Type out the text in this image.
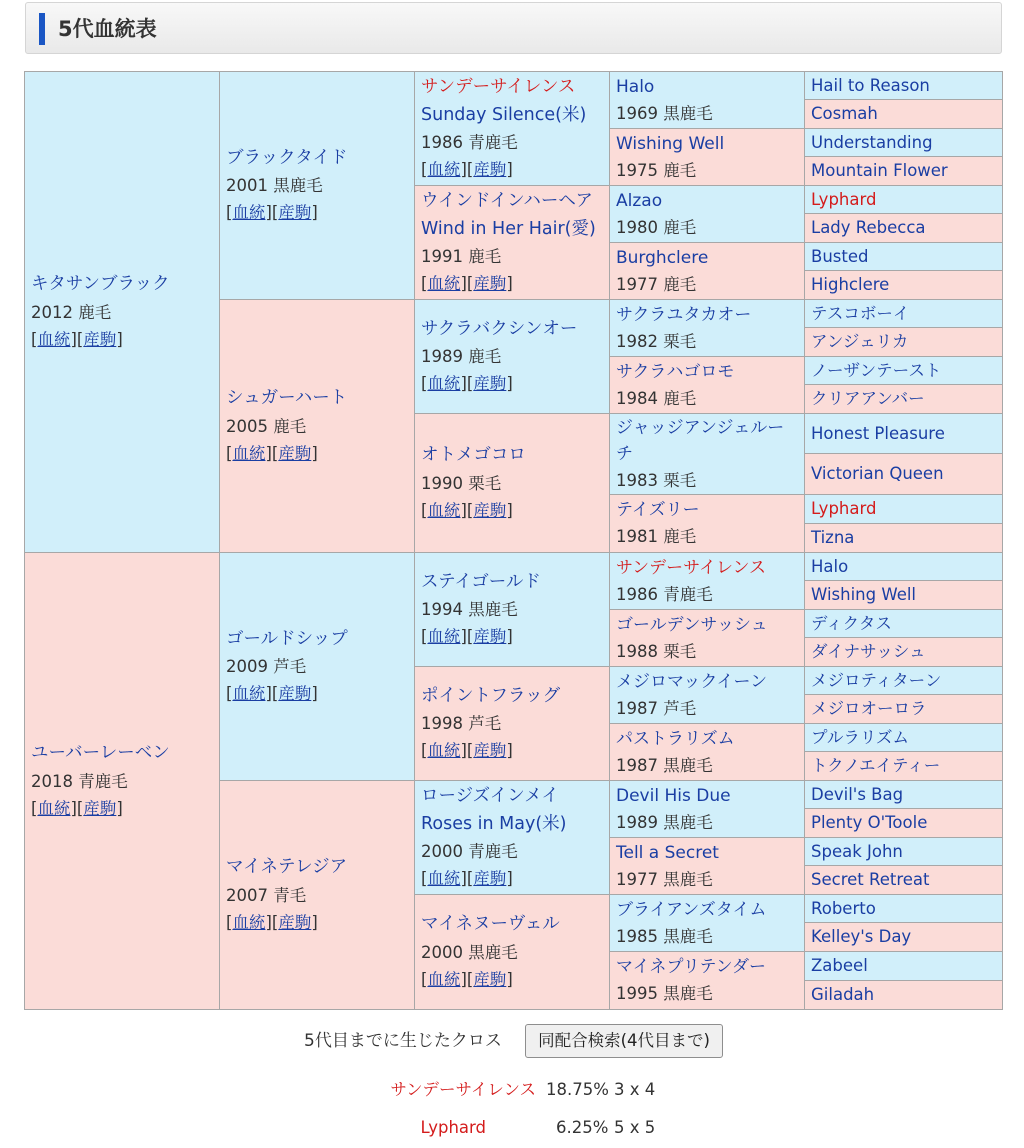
5代血統表
キタサンブラック
2012 鹿毛
[血統][産駒]
ユーバーレーベン
2018 青鹿毛
[血統][産駒]
ブラックタイド
2001 黒鹿毛
[血統][産駒]
シュガーハート
2005 鹿毛
[血統][産駒]
ゴールドシップ
2009 芦毛
[血統][産駒]
マイネテレジア
2007 青毛
[血統][産駒]
サンデーサイレンス
Sunday Silence(米)
1986 青鹿毛
[血統][産駒]
ウインドインハーヘア
Wind in Her Hair(愛)
1991 鹿毛
[血統][産駒]
サクラバクシンオー
1989 鹿毛
[血統][産駒]
オトメゴコロ
1990 栗毛
[血統][産駒]
ステイゴールド
1994 黒鹿毛
[血統][産駒]
ポイントフラッグ
1998 芦毛
[血統][産駒]
ロージズインメイ
Roses in May(米)
2000 青鹿毛
[血統][産駒]
マイネヌーヴェル
2000 黒鹿毛
[血統][産駒]
Halo
1969 黒鹿毛
Wishing Well
1975 鹿毛
Alzao
1980 鹿毛
Burghclere
1977 鹿毛
サクラユタカオー
1982 栗毛
サクラハゴロモ
1984 鹿毛
ジャッジアンジェルーチ
1983 栗毛
テイズリー
1981 鹿毛
サンデーサイレンス
1986 青鹿毛
ゴールデンサッシュ
1988 栗毛
メジロマックイーン
1987 芦毛
パストラリズム
1987 黒鹿毛
Devil His Due
1989 黒鹿毛
Tell a Secret
1977 黒鹿毛
ブライアンズタイム
1985 黒鹿毛
マイネプリテンダー
1995 黒鹿毛
Hail to Reason
Cosmah
Understanding
Mountain Flower
Lyphard
Lady Rebecca
Busted
Highclere
テスコボーイ
アンジェリカ
ノーザンテースト
クリアアンバー
Honest Pleasure
Victorian Queen
Lyphard
Tizna
Halo
Wishing Well
ディクタス
ダイナサッシュ
メジロティターン
メジロオーロラ
プルラリズム
トクノエイティー
Devil's Bag
Plenty O'Toole
Speak John
Secret Retreat
Roberto
Kelley's Day
Zabeel
Giladah
5代目までに生じたクロス	同配合検索(4代目まで)
サンデーサイレンス 18.75% 3 x 4
Lyphard	6.25% 5 x 5
